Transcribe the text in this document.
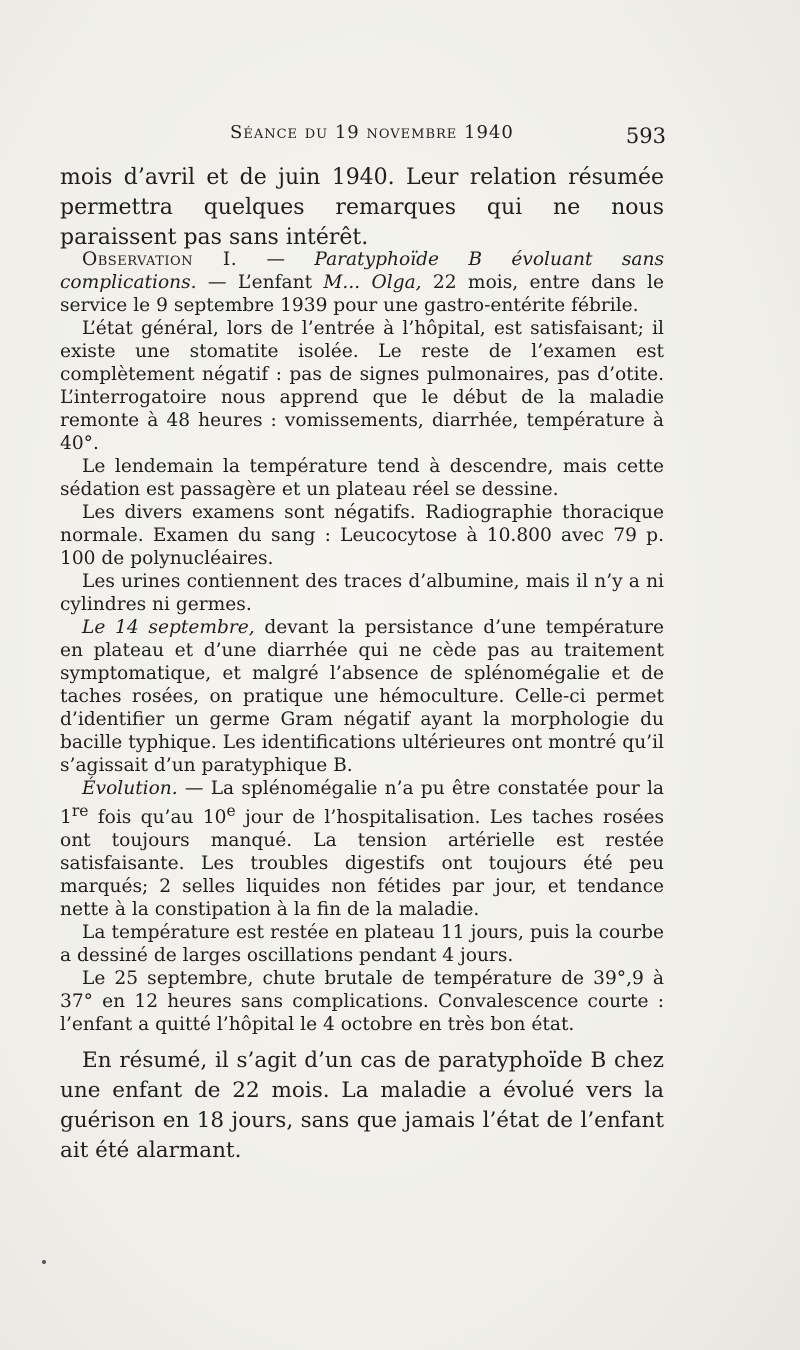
Séance du 19 novembre 1940	593
mois d’avril et de juin 1940. Leur relation résumée permettra quelques remarques qui ne nous paraissent pas sans intérêt.

Observation I. — Paratyphoïde B évoluant sans complications. — L’enfant M... Olga, 22 mois, entre dans le service le 9 septembre 1939 pour une gastro-entérite fébrile.

L’état général, lors de l’entrée à l’hôpital, est satisfaisant; il existe une stomatite isolée. Le reste de l’examen est complètement négatif : pas de signes pulmonaires, pas d’otite. L’interrogatoire nous apprend que le début de la maladie remonte à 48 heures : vomissements, diarrhée, température à 40°.

Le lendemain la température tend à descendre, mais cette sédation est passagère et un plateau réel se dessine.

Les divers examens sont négatifs. Radiographie thoracique normale. Examen du sang : Leucocytose à 10.800 avec 79 p. 100 de polynucléaires.

Les urines contiennent des traces d’albumine, mais il n’y a ni cylindres ni germes.

Le 14 septembre, devant la persistance d’une température en plateau et d’une diarrhée qui ne cède pas au traitement symptomatique, et malgré l’absence de splénomégalie et de taches rosées, on pratique une hémoculture. Celle-ci permet d’identifier un germe Gram négatif ayant la morphologie du bacille typhique. Les identifications ultérieures ont montré qu’il s’agissait d’un paratyphique B.

Évolution. — La splénomégalie n’a pu être constatée pour la 1re fois qu’au 10e jour de l’hospitalisation. Les taches rosées ont toujours manqué. La tension artérielle est restée satisfaisante. Les troubles digestifs ont toujours été peu marqués; 2 selles liquides non fétides par jour, et tendance nette à la constipation à la fin de la maladie.

La température est restée en plateau 11 jours, puis la courbe a dessiné de larges oscillations pendant 4 jours.

Le 25 septembre, chute brutale de température de 39°,9 à 37° en 12 heures sans complications. Convalescence courte : l’enfant a quitté l’hôpital le 4 octobre en très bon état.

En résumé, il s’agit d’un cas de paratyphoïde B chez une enfant de 22 mois. La maladie a évolué vers la guérison en 18 jours, sans que jamais l’état de l’enfant ait été alarmant.
